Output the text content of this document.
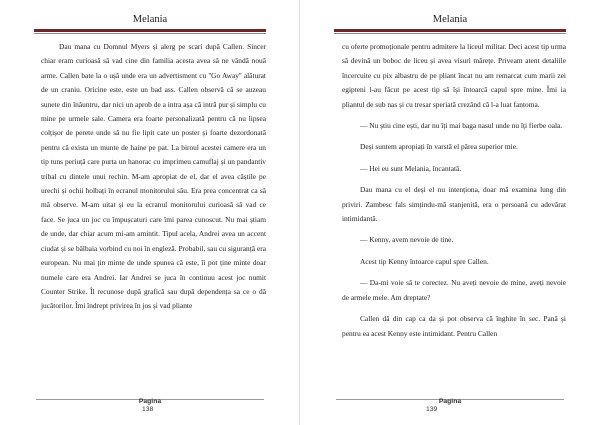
Melania

Dau mana cu Domnul Myers și alerg pe scari după Callen. Sincer chiar eram curioasă să vad cine din familia acesta avea să ne vândă nouă arme. Callen bate la o ușă unde era un advertisment cu ''Go Away'' alăturat de un craniu. Oricine este, este un bad ass. Callen observă că se auzeau sunete din înăuntru, dar nici un aprob de a intra așa că intră pur și simplu cu mine pe urmele sale. Camera era foarte personalizată pentru că nu lipsea colțișor de perete unde să nu fie lipit cate un poster și foarte dezordonată pentru că exista un munte de haine pe pat. La biroul acestei camere era un tip tuns periuță care purta un hanorac cu imprimeu camuflaj și un pandantiv tribal cu dintele unui rechin. M-am apropiat de el, dar el avea căștile pe urechi și ochii holbați în ecranul monitorului său. Era prea concentrat ca să mă observe. M-am uitat și eu la ecranul monitorului curioasă să vad ce face. Se juca un joc cu împușcaturi care îmi parea cunoscut. Nu mai știam de unde, dar chiar acum mi-am amintit. Tipul acela, Andrei avea un accent ciudat și se bâlbaia vorbind cu noi în engleză. Probabil, sau cu siguranță era european. Nu mai țin minte de unde spunea că este, îi pot ține minte doar numele care era Andrei. Iar Andrei se juca în continuu acest joc numit Counter Strike. Îl recunose după grafică sau după dependența sa ce o dă jucătorilor. Îmi îndrept privirea în jos și vad pliante

Pagina
138
Melania

cu oferte promoționale pentru admitere la liceul militar. Deci acest tip urma să devină un boboc de liceu și avea visuri mărețe. Priveam atent detaliile încercuite cu pix albastru de pe pliant încat nu am remarcat cum marii zei egipteni l-au făcut pe acest tip să își întoarcă capul spre mine. Îmi ia pliantul de sub nas și cu tresar speriată crezând că l-a luat fantoma.

— Nu știu cine ești, dar nu îți mai baga nasul unde nu îți fierbe oala.

Deși suntem apropiați în varstă el părea superior mie.

— Hei eu sunt Melania, încantată.

Dau mana cu el deși el nu intenționa, doar mă examina lung din priviri. Zambesc fals simțindu-mă stanjenită, era o persoană cu adevărat intimidantă.

— Kenny, avem nevoie de tine.

Acest tip Kenny întoarce capul spre Callen.

— Da-mi voie să te corectez. Nu aveți nevoie de mine, aveți nevoie de armele mele. Am dreptate?

Callen dă din cap ca da și pot observa că înghite în sec. Pană și pentru ea acest Kenny este intimidant. Pentru Callen

Pagina
139
